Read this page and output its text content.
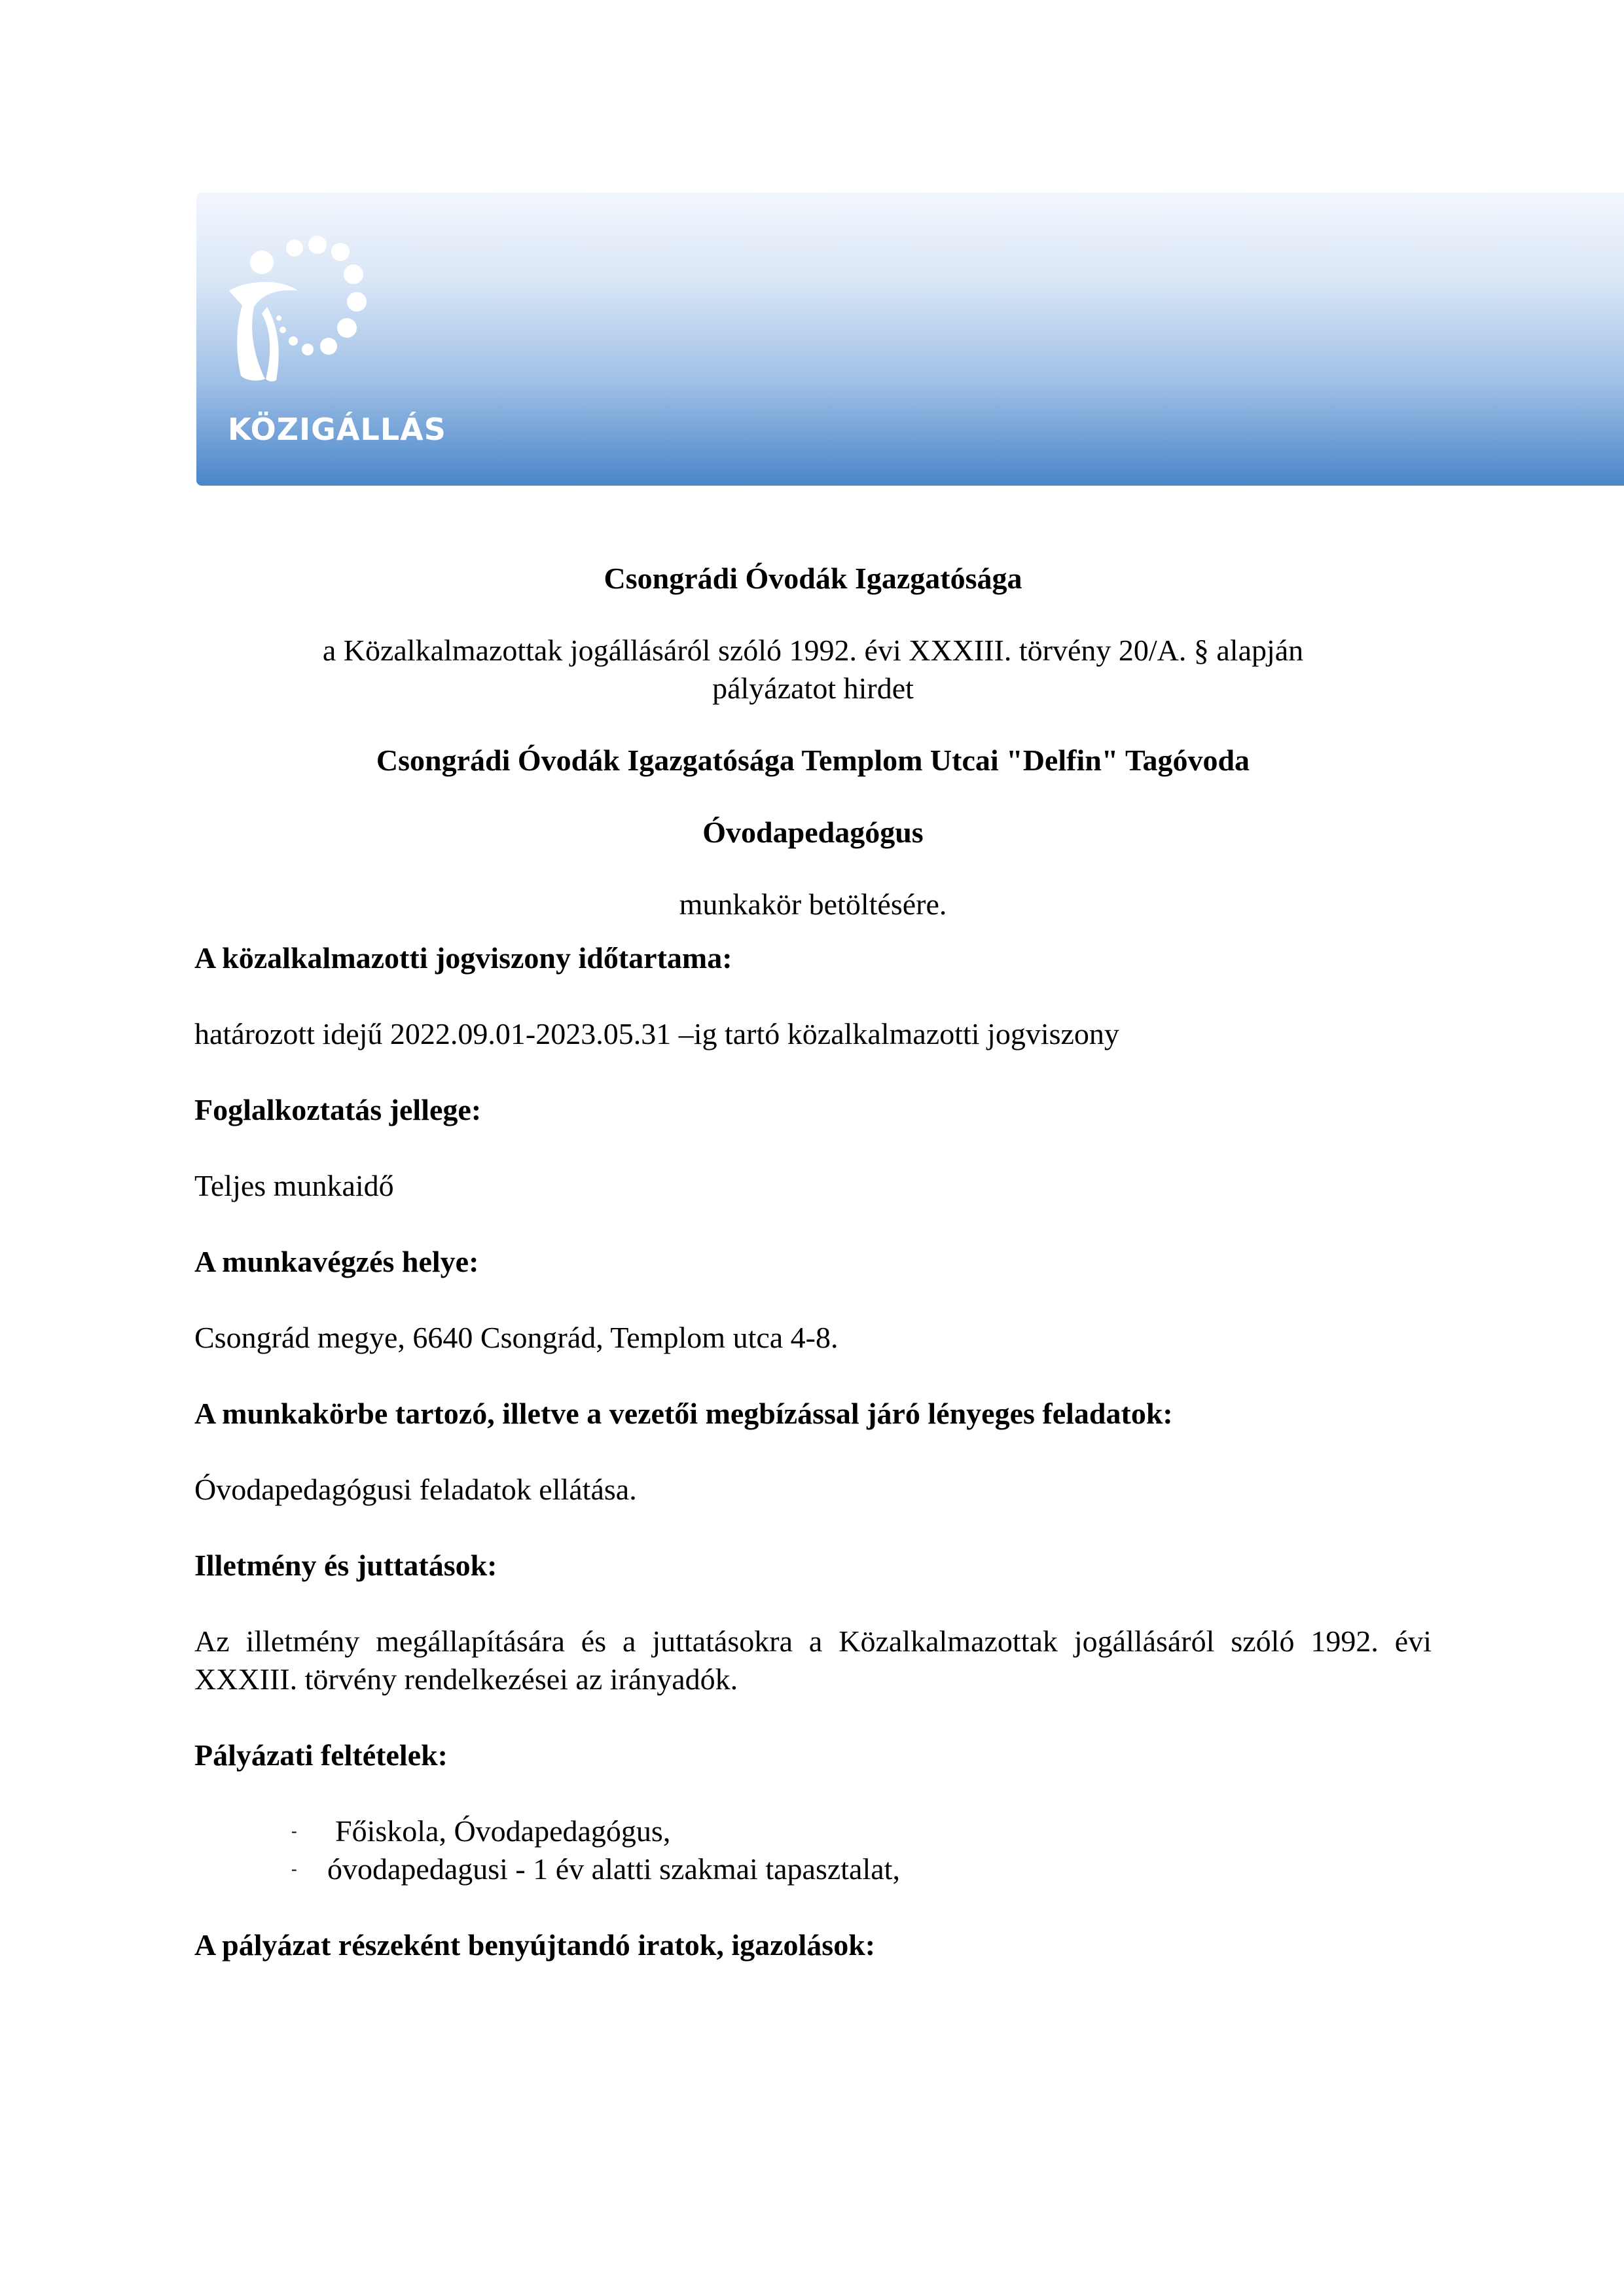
KÖZIGÁLLÁS

Csongrádi Óvodák Igazgatósága

a Közalkalmazottak jogállásáról szóló 1992. évi XXXIII. törvény 20/A. § alapján

pályázatot hirdet

Csongrádi Óvodák Igazgatósága Templom Utcai "Delfin" Tagóvoda

Óvodapedagógus

munkakör betöltésére.

A közalkalmazotti jogviszony időtartama:

határozott idejű 2022.09.01-2023.05.31 –ig tartó közalkalmazotti jogviszony

Foglalkoztatás jellege:

Teljes munkaidő

A munkavégzés helye:

Csongrád megye, 6640 Csongrád, Templom utca 4-8.

A munkakörbe tartozó, illetve a vezetői megbízással járó lényeges feladatok:

Óvodapedagógusi feladatok ellátása.

Illetmény és juttatások:

Az illetmény megállapítására és a juttatásokra a Közalkalmazottak jogállásáról szóló 1992. évi XXXIII. törvény rendelkezései az irányadók.

Pályázati feltételek:

- Főiskola, Óvodapedagógus,
- óvodapedagusi - 1 év alatti szakmai tapasztalat,

A pályázat részeként benyújtandó iratok, igazolások:
